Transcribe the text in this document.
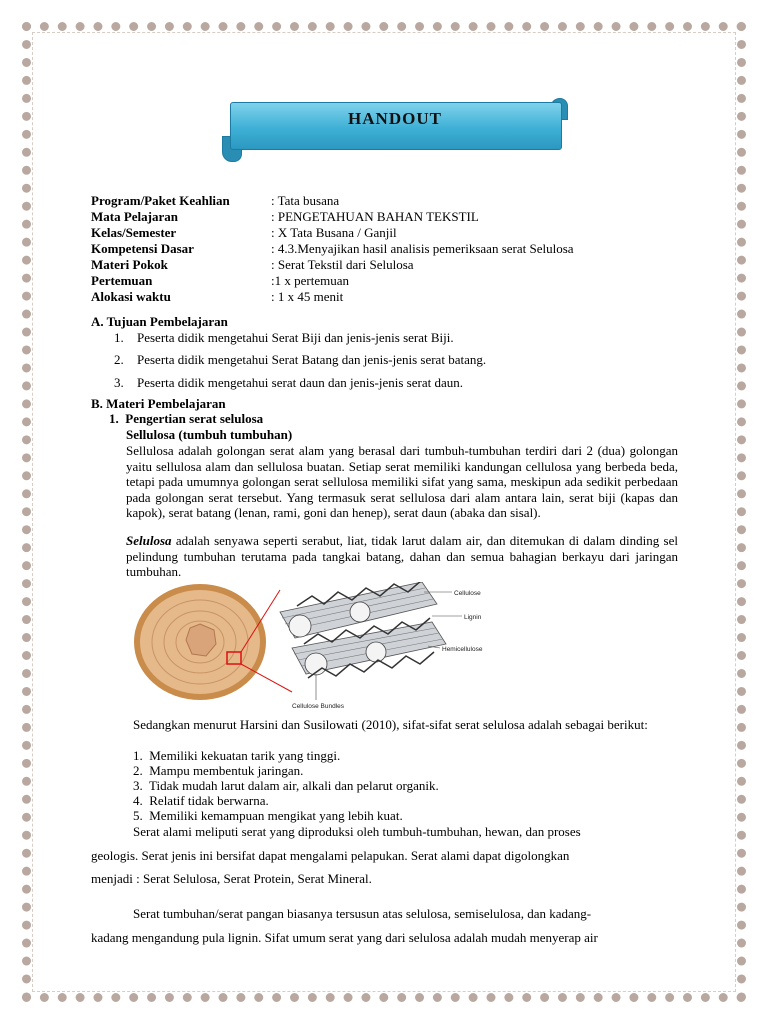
HANDOUT
Program/Paket Keahlian	: Tata busana
Mata Pelajaran	: PENGETAHUAN BAHAN TEKSTIL
Kelas/Semester	: X Tata Busana / Ganjil
Kompetensi Dasar	: 4.3.Menyajikan hasil analisis pemeriksaan serat Selulosa
Materi Pokok	: Serat Tekstil dari Selulosa
Pertemuan	:1 x pertemuan
Alokasi waktu	: 1 x 45 menit
A. Tujuan Pembelajaran
1. Peserta didik mengetahui Serat Biji dan jenis-jenis serat Biji.
2. Peserta didik mengetahui Serat Batang dan jenis-jenis serat batang.
3. Peserta didik mengetahui serat daun dan jenis-jenis serat daun.
B. Materi Pembelajaran
1.  Pengertian serat selulosa
Sellulosa (tumbuh tumbuhan)
Sellulosa adalah golongan serat alam yang berasal dari tumbuh-tumbuhan terdiri dari 2 (dua) golongan yaitu sellulosa alam dan sellulosa buatan. Setiap serat memiliki kandungan cellulosa yang berbeda beda, tetapi pada umumnya golongan serat sellulosa memiliki sifat yang sama, meskipun ada sedikit perbedaan pada golongan serat tersebut. Yang termasuk serat sellulosa dari alam antara lain, serat biji (kapas dan kapok), serat batang (lenan, rami, goni dan henep), serat daun (abaka dan sisal).
Selulosa adalah senyawa seperti serabut, liat, tidak larut dalam air, dan ditemukan di dalam dinding sel pelindung tumbuhan terutama pada tangkai batang, dahan dan semua bahagian berkayu dari jaringan tumbuhan.
Cellulose
Lignin
Hemicellulose
Cellulose Bundles
Sedangkan menurut Harsini dan Susilowati (2010), sifat-sifat serat selulosa adalah sebagai berikut:
1.  Memiliki kekuatan tarik yang tinggi.
2.  Mampu membentuk jaringan.
3.  Tidak mudah larut dalam air, alkali dan pelarut organik.
4.  Relatif tidak berwarna.
5.  Memiliki kemampuan mengikat yang lebih kuat.
Serat alami meliputi serat yang diproduksi oleh tumbuh-tumbuhan, hewan, dan proses
geologis. Serat jenis ini bersifat dapat mengalami pelapukan. Serat alami dapat digolongkan
menjadi : Serat Selulosa, Serat Protein, Serat Mineral.
Serat tumbuhan/serat pangan biasanya tersusun atas selulosa, semiselulosa, dan kadang-
kadang mengandung pula lignin. Sifat umum serat yang dari selulosa adalah mudah menyerap air
